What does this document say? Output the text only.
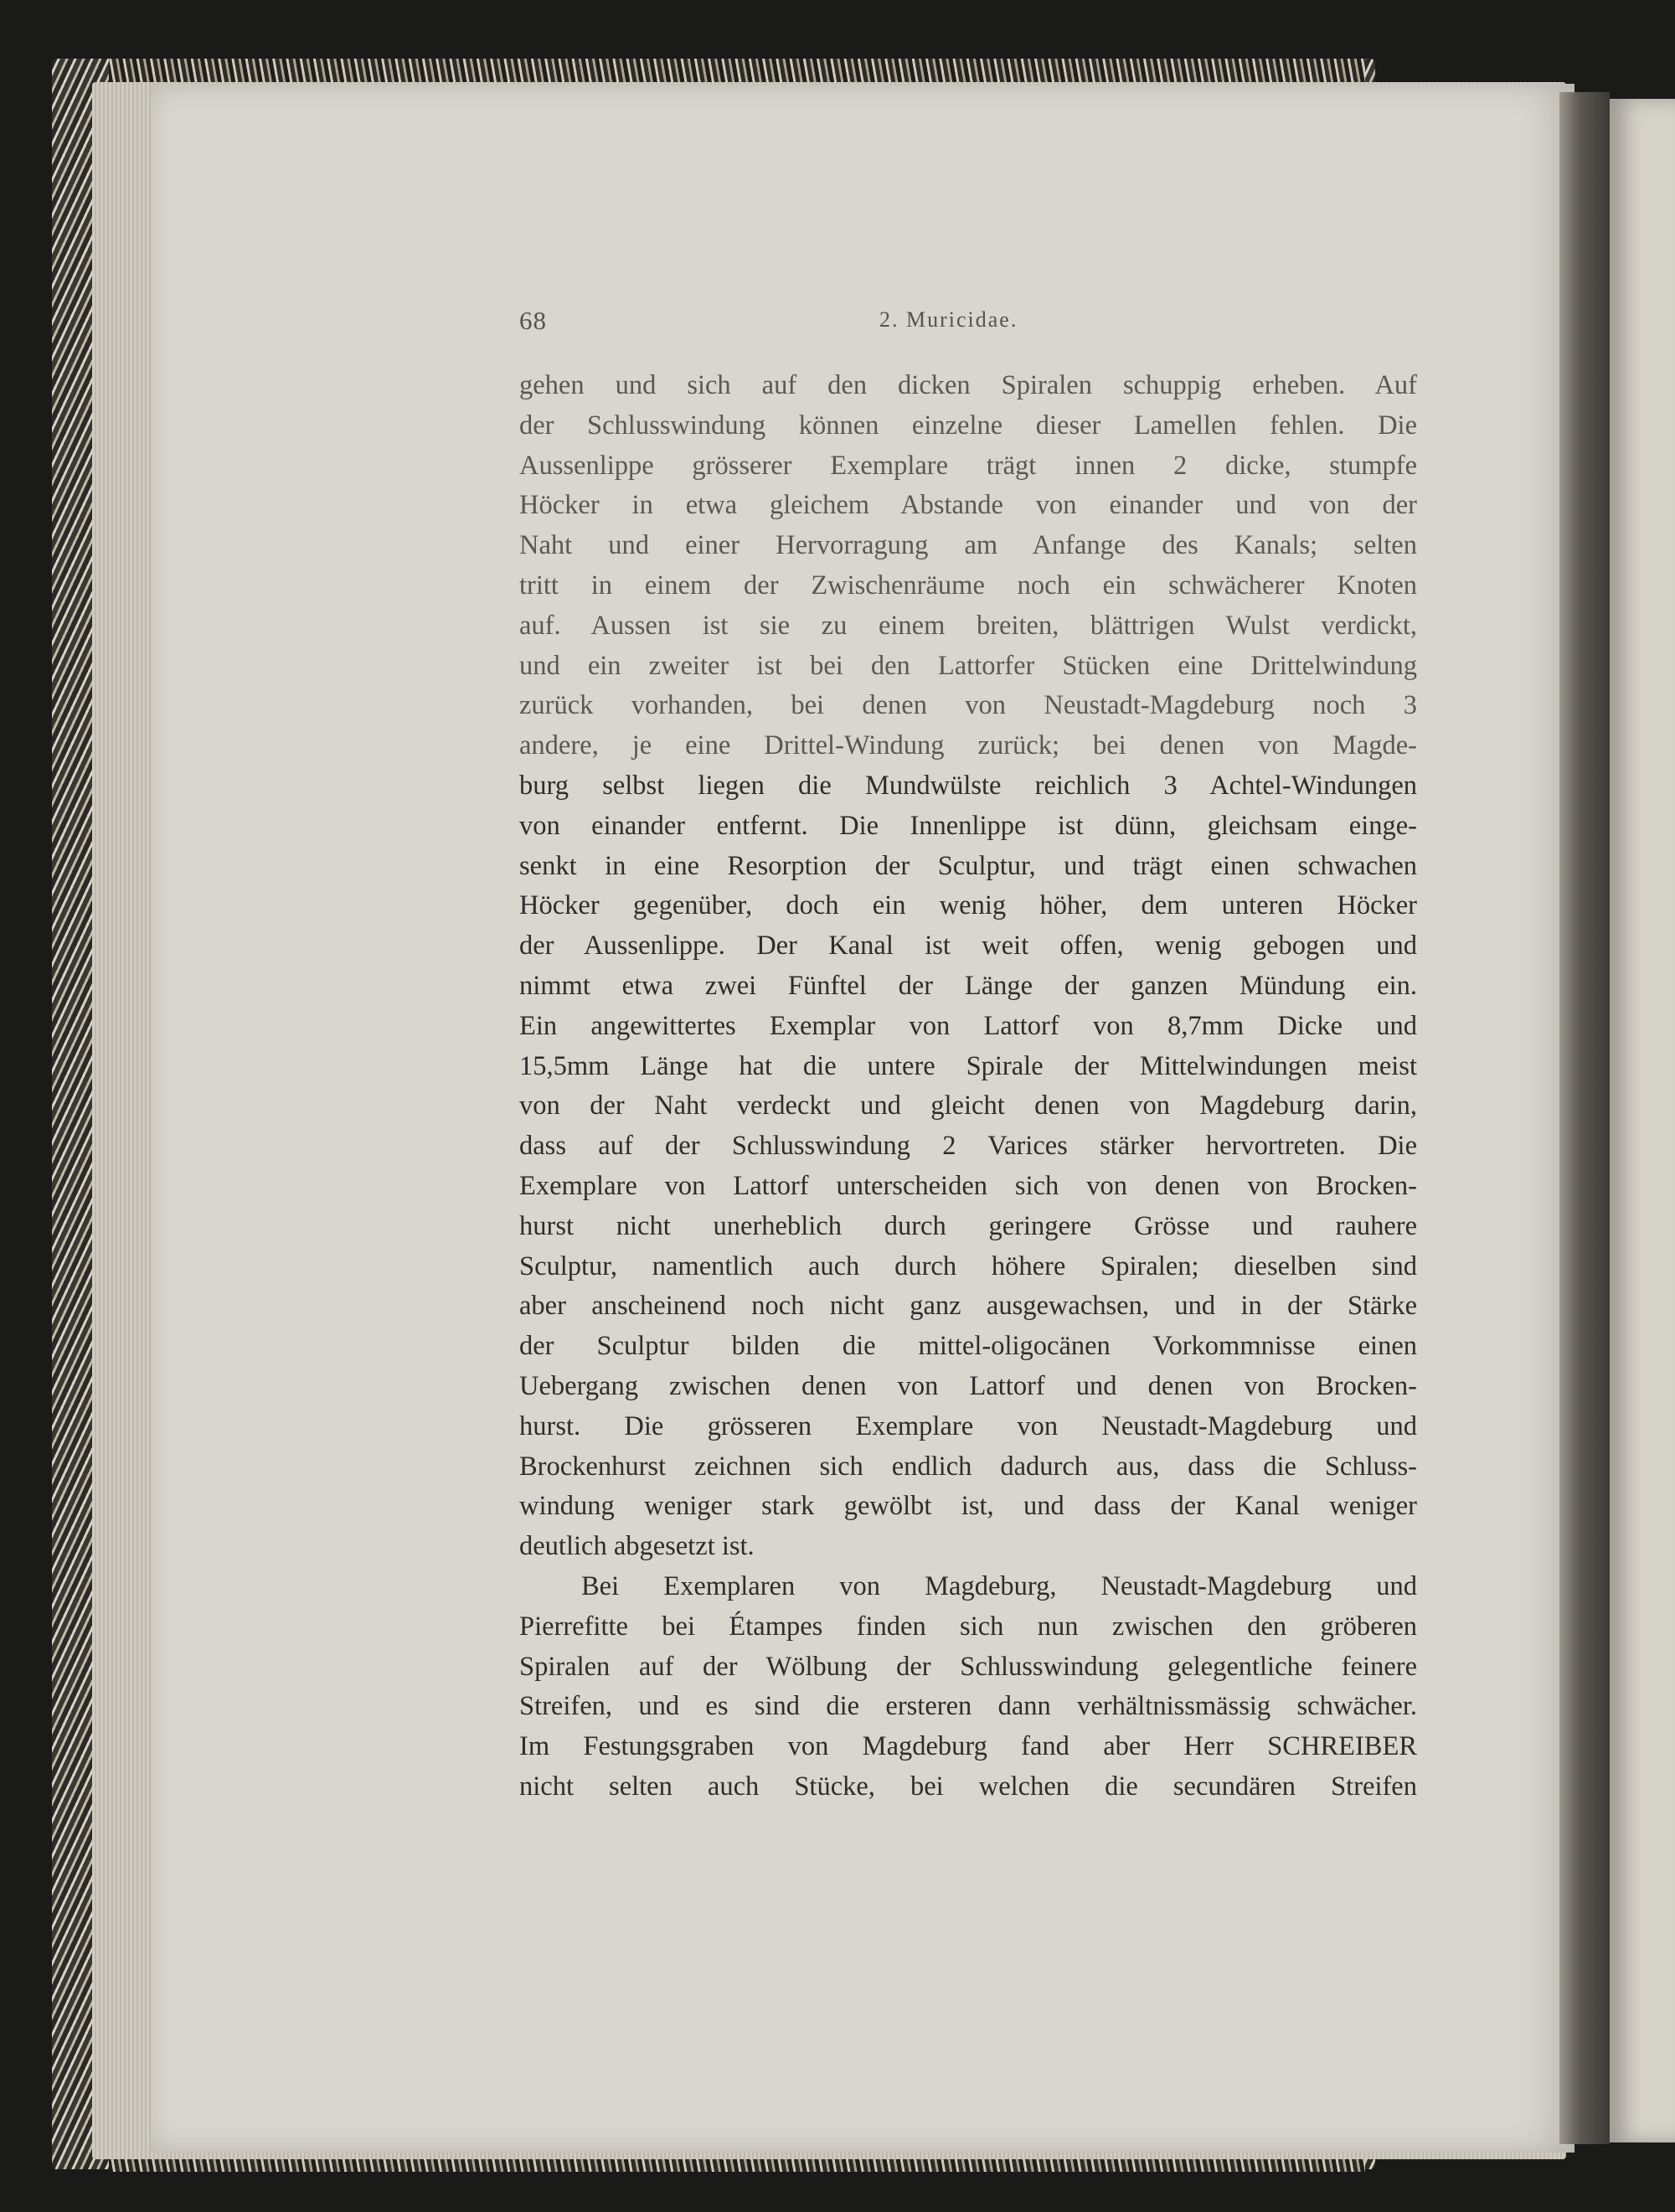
68	2. Muricidae.
gehen und sich auf den dicken Spiralen schuppig erheben. Auf
der Schlusswindung können einzelne dieser Lamellen fehlen. Die
Aussenlippe grösserer Exemplare trägt innen 2 dicke, stumpfe
Höcker in etwa gleichem Abstande von einander und von der
Naht und einer Hervorragung am Anfange des Kanals; selten
tritt in einem der Zwischenräume noch ein schwächerer Knoten
auf. Aussen ist sie zu einem breiten, blättrigen Wulst verdickt,
und ein zweiter ist bei den Lattorfer Stücken eine Drittelwindung
zurück vorhanden, bei denen von Neustadt-Magdeburg noch 3
andere, je eine Drittel-Windung zurück; bei denen von Magde-
burg selbst liegen die Mundwülste reichlich 3 Achtel-Windungen
von einander entfernt. Die Innenlippe ist dünn, gleichsam einge-
senkt in eine Resorption der Sculptur, und trägt einen schwachen
Höcker gegenüber, doch ein wenig höher, dem unteren Höcker
der Aussenlippe. Der Kanal ist weit offen, wenig gebogen und
nimmt etwa zwei Fünftel der Länge der ganzen Mündung ein.
Ein angewittertes Exemplar von Lattorf von 8,7mm Dicke und
15,5mm Länge hat die untere Spirale der Mittelwindungen meist
von der Naht verdeckt und gleicht denen von Magdeburg darin,
dass auf der Schlusswindung 2 Varices stärker hervortreten. Die
Exemplare von Lattorf unterscheiden sich von denen von Brocken-
hurst nicht unerheblich durch geringere Grösse und rauhere
Sculptur, namentlich auch durch höhere Spiralen; dieselben sind
aber anscheinend noch nicht ganz ausgewachsen, und in der Stärke
der Sculptur bilden die mittel-oligocänen Vorkommnisse einen
Uebergang zwischen denen von Lattorf und denen von Brocken-
hurst. Die grösseren Exemplare von Neustadt-Magdeburg und
Brockenhurst zeichnen sich endlich dadurch aus, dass die Schluss-
windung weniger stark gewölbt ist, und dass der Kanal weniger
deutlich abgesetzt ist.
Bei Exemplaren von Magdeburg, Neustadt-Magdeburg und
Pierrefitte bei Étampes finden sich nun zwischen den gröberen
Spiralen auf der Wölbung der Schlusswindung gelegentliche feinere
Streifen, und es sind die ersteren dann verhältnissmässig schwächer.
Im Festungsgraben von Magdeburg fand aber Herr SCHREIBER
nicht selten auch Stücke, bei welchen die secundären Streifen
